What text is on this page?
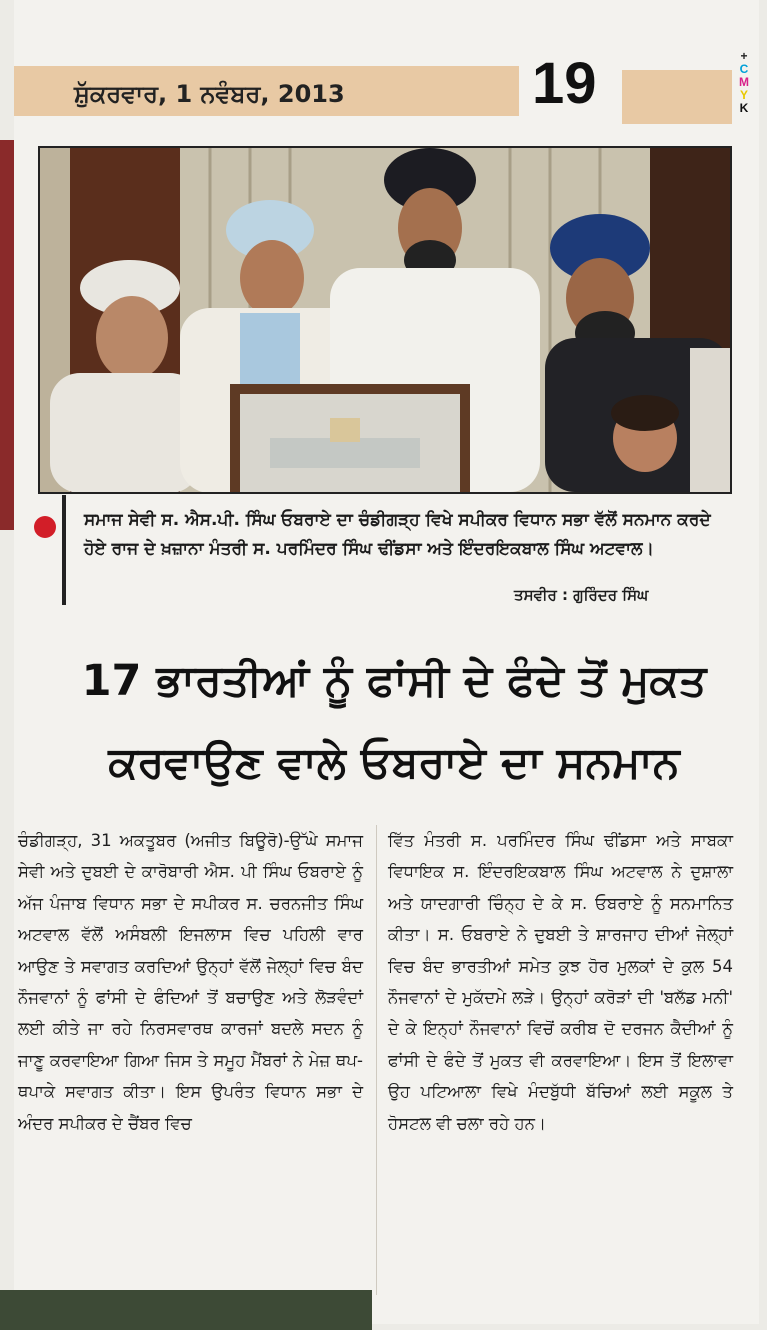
ਸ਼ੁੱਕਰਵਾਰ, 1 ਨਵੰਬਰ, 2013	19	+
C
M
Y
K
ਸਮਾਜ ਸੇਵੀ ਸ. ਐਸ.ਪੀ. ਸਿੰਘ ਓਬਰਾਏ ਦਾ ਚੰਡੀਗੜ੍ਹ ਵਿਖੇ ਸਪੀਕਰ ਵਿਧਾਨ ਸਭਾ ਵੱਲੋਂ ਸਨਮਾਨ ਕਰਦੇ ਹੋਏ ਰਾਜ ਦੇ ਖ਼ਜ਼ਾਨਾ ਮੰਤਰੀ ਸ. ਪਰਮਿੰਦਰ ਸਿੰਘ ਢੀਂਡਸਾ ਅਤੇ ਇੰਦਰਇਕਬਾਲ ਸਿੰਘ ਅਟਵਾਲ।
ਤਸਵੀਰ : ਗੁਰਿੰਦਰ ਸਿੰਘ
17 ਭਾਰਤੀਆਂ ਨੂੰ ਫਾਂਸੀ ਦੇ ਫੰਦੇ ਤੋਂ ਮੁਕਤ
ਕਰਵਾਉਣ ਵਾਲੇ ਓਬਰਾਏ ਦਾ ਸਨਮਾਨ
ਚੰਡੀਗੜ੍ਹ, 31 ਅਕਤੂਬਰ (ਅਜੀਤ ਬਿਊਰੋ)-ਉੱਘੇ ਸਮਾਜ ਸੇਵੀ ਅਤੇ ਦੁਬਈ ਦੇ ਕਾਰੋਬਾਰੀ ਐਸ. ਪੀ ਸਿੰਘ ਓਬਰਾਏ ਨੂੰ ਅੱਜ ਪੰਜਾਬ ਵਿਧਾਨ ਸਭਾ ਦੇ ਸਪੀਕਰ ਸ. ਚਰਨਜੀਤ ਸਿੰਘ ਅਟਵਾਲ ਵੱਲੋਂ ਅਸੰਬਲੀ ਇਜਲਾਸ ਵਿਚ ਪਹਿਲੀ ਵਾਰ ਆਉਣ ਤੇ ਸਵਾਗਤ ਕਰਦਿਆਂ ਉਨ੍ਹਾਂ ਵੱਲੋਂ ਜੇਲ੍ਹਾਂ ਵਿਚ ਬੰਦ ਨੌਜਵਾਨਾਂ ਨੂੰ ਫਾਂਸੀ ਦੇ ਫੰਦਿਆਂ ਤੋਂ ਬਚਾਉਣ ਅਤੇ ਲੋੜਵੰਦਾਂ ਲਈ ਕੀਤੇ ਜਾ ਰਹੇ ਨਿਰਸਵਾਰਥ ਕਾਰਜਾਂ ਬਦਲੇ ਸਦਨ ਨੂੰ ਜਾਣੂ ਕਰਵਾਇਆ ਗਿਆ ਜਿਸ ਤੇ ਸਮੂਹ ਮੈਂਬਰਾਂ ਨੇ ਮੇਜ਼ ਥਪ-ਥਪਾਕੇ ਸਵਾਗਤ ਕੀਤਾ। ਇਸ ਉਪਰੰਤ ਵਿਧਾਨ ਸਭਾ ਦੇ ਅੰਦਰ ਸਪੀਕਰ ਦੇ ਚੈਂਬਰ ਵਿਚ
ਵਿੱਤ ਮੰਤਰੀ ਸ. ਪਰਮਿੰਦਰ ਸਿੰਘ ਢੀਂਡਸਾ ਅਤੇ ਸਾਬਕਾ ਵਿਧਾਇਕ ਸ. ਇੰਦਰਇਕਬਾਲ ਸਿੰਘ ਅਟਵਾਲ ਨੇ ਦੁਸ਼ਾਲਾ ਅਤੇ ਯਾਦਗਾਰੀ ਚਿੰਨ੍ਹ ਦੇ ਕੇ ਸ. ਓਬਰਾਏ ਨੂੰ ਸਨਮਾਨਿਤ ਕੀਤਾ। ਸ. ਓਬਰਾਏ ਨੇ ਦੁਬਈ ਤੇ ਸ਼ਾਰਜਾਹ ਦੀਆਂ ਜੇਲ੍ਹਾਂ ਵਿਚ ਬੰਦ ਭਾਰਤੀਆਂ ਸਮੇਤ ਕੁਝ ਹੋਰ ਮੁਲਕਾਂ ਦੇ ਕੁਲ 54 ਨੌਜਵਾਨਾਂ ਦੇ ਮੁਕੱਦਮੇ ਲੜੇ। ਉਨ੍ਹਾਂ ਕਰੋੜਾਂ ਦੀ 'ਬਲੱਡ ਮਨੀ' ਦੇ ਕੇ ਇਨ੍ਹਾਂ ਨੌਜਵਾਨਾਂ ਵਿਚੋਂ ਕਰੀਬ ਦੋ ਦਰਜਨ ਕੈਦੀਆਂ ਨੂੰ ਫਾਂਸੀ ਦੇ ਫੰਦੇ ਤੋਂ ਮੁਕਤ ਵੀ ਕਰਵਾਇਆ। ਇਸ ਤੋਂ ਇਲਾਵਾ ਉਹ ਪਟਿਆਲਾ ਵਿਖੇ ਮੰਦਬੁੱਧੀ ਬੱਚਿਆਂ ਲਈ ਸਕੂਲ ਤੇ ਹੋਸਟਲ ਵੀ ਚਲਾ ਰਹੇ ਹਨ।
